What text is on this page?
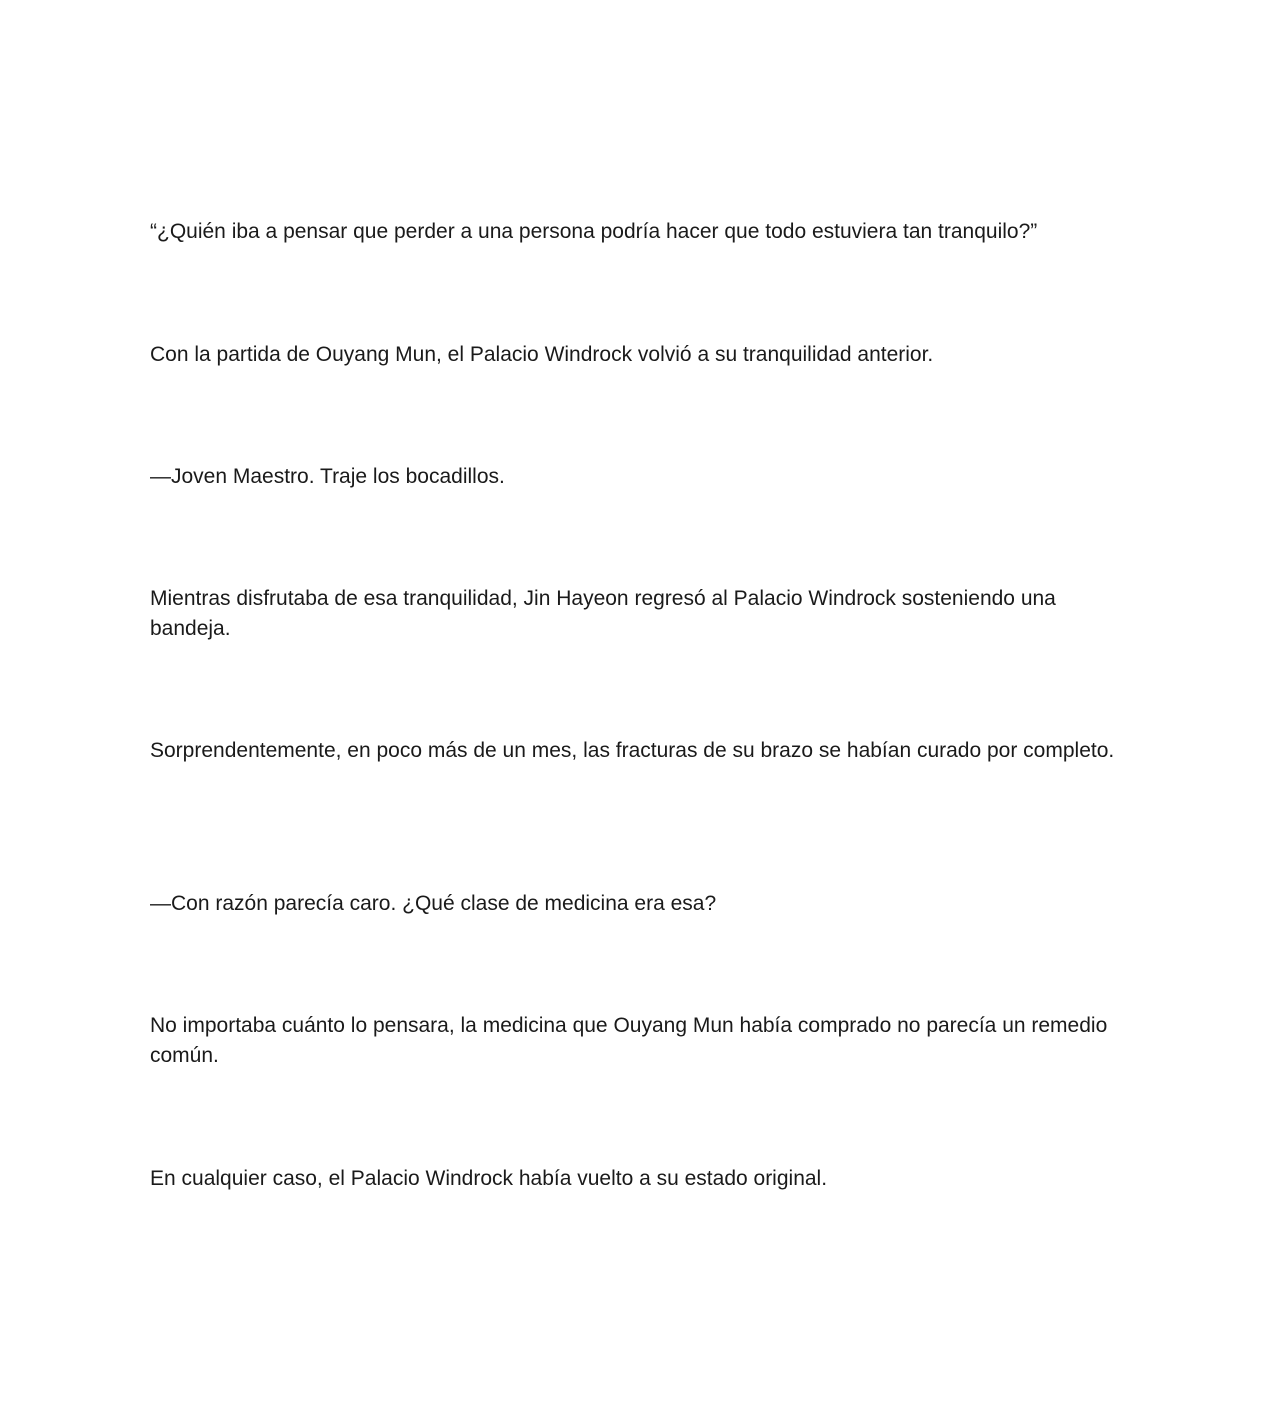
“¿Quién iba a pensar que perder a una persona podría hacer que todo estuviera tan tranquilo?”

Con la partida de Ouyang Mun, el Palacio Windrock volvió a su tranquilidad anterior.

—Joven Maestro. Traje los bocadillos.

Mientras disfrutaba de esa tranquilidad, Jin Hayeon regresó al Palacio Windrock sosteniendo una bandeja.

Sorprendentemente, en poco más de un mes, las fracturas de su brazo se habían curado por completo.

—Con razón parecía caro. ¿Qué clase de medicina era esa?

No importaba cuánto lo pensara, la medicina que Ouyang Mun había comprado no parecía un remedio común.

En cualquier caso, el Palacio Windrock había vuelto a su estado original.
